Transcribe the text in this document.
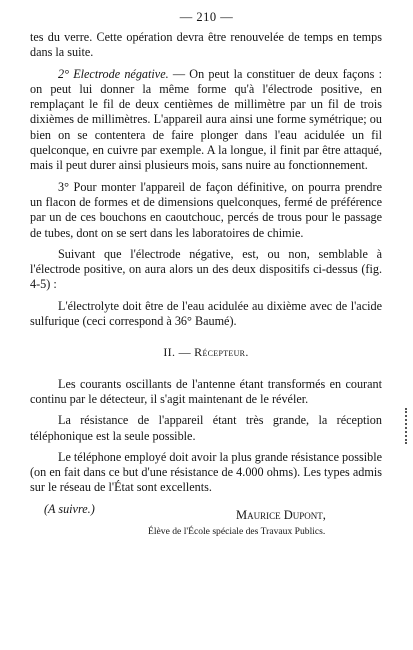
— 210 —

tes du verre. Cette opération devra être renouvelée de temps en temps dans la suite.

2° Electrode négative. — On peut la constituer de deux façons : on peut lui donner la même forme qu'à l'électrode positive, en remplaçant le fil de deux centièmes de millimètre par un fil de trois dixièmes de millimètres. L'appareil aura ainsi une forme symétrique; ou bien on se contentera de faire plonger dans l'eau acidulée un fil quelconque, en cuivre par exemple. A la longue, il finit par être attaqué, mais il peut durer ainsi plusieurs mois, sans nuire au fonctionnement.

3° Pour monter l'appareil de façon définitive, on pourra prendre un flacon de formes et de dimensions quelconques, fermé de préférence par un de ces bouchons en caoutchouc, percés de trous pour le passage de tubes, dont on se sert dans les laboratoires de chimie.

Suivant que l'électrode négative, est, ou non, semblable à l'électrode positive, on aura alors un des deux dispositifs ci-dessus (fig. 4-5) :

L'électrolyte doit être de l'eau acidulée au dixième avec de l'acide sulfurique (ceci correspond à 36° Baumé).

II. — Récepteur.

Les courants oscillants de l'antenne étant transformés en courant continu par le détecteur, il s'agit maintenant de le révéler.

La résistance de l'appareil étant très grande, la réception téléphonique est la seule possible.

Le téléphone employé doit avoir la plus grande résistance possible (on en fait dans ce but d'une résistance de 4.000 ohms). Les types admis sur le réseau de l'État sont excellents.

(A suivre.)	Maurice Dupont,
Élève de l'École spéciale des Travaux Publics.
